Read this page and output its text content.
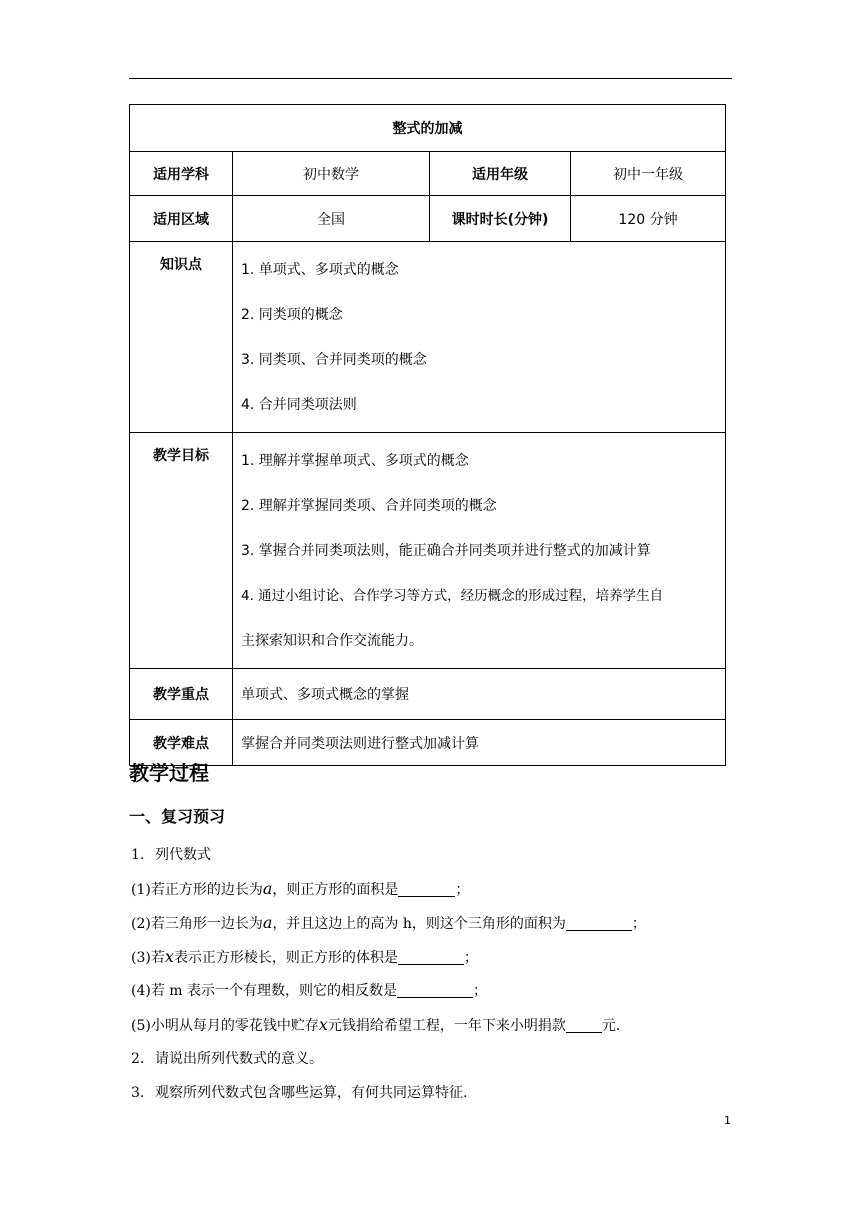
整式的加减			
适用学科	初中数学	适用年级	初中一年级
适用区域	全国	课时时长(分钟)	120 分钟
知识点	1. 单项式、多项式的概念
2. 同类项的概念
3. 同类项、合并同类项的概念
4. 合并同类项法则		

教学目标	1. 理解并掌握单项式、多项式的概念
2. 理解并掌握同类项、合并同类项的概念
3. 掌握合并同类项法则，能正确合并同类项并进行整式的加减计算
4. 通过小组讨论、合作学习等方式，经历概念的形成过程，培养学生自
主探索知识和合作交流能力。		

教学重点	单项式、多项式概念的掌握		
教学难点	掌握合并同类项法则进行整式加减计算		
教学过程
一、复习预习
1. 列代数式
(1)若正方形的边长为a，则正方形的面积是	；
(2)若三角形一边长为a，并且这边上的高为 h，则这个三角形的面积为	；
(3)若x表示正方形棱长，则正方形的体积是	；
(4)若 m 表示一个有理数，则它的相反数是	；
(5)小明从每月的零花钱中贮存x元钱捐给希望工程，一年下来小明捐款	元.
2. 请说出所列代数式的意义。
3. 观察所列代数式包含哪些运算，有何共同运算特征.
1
